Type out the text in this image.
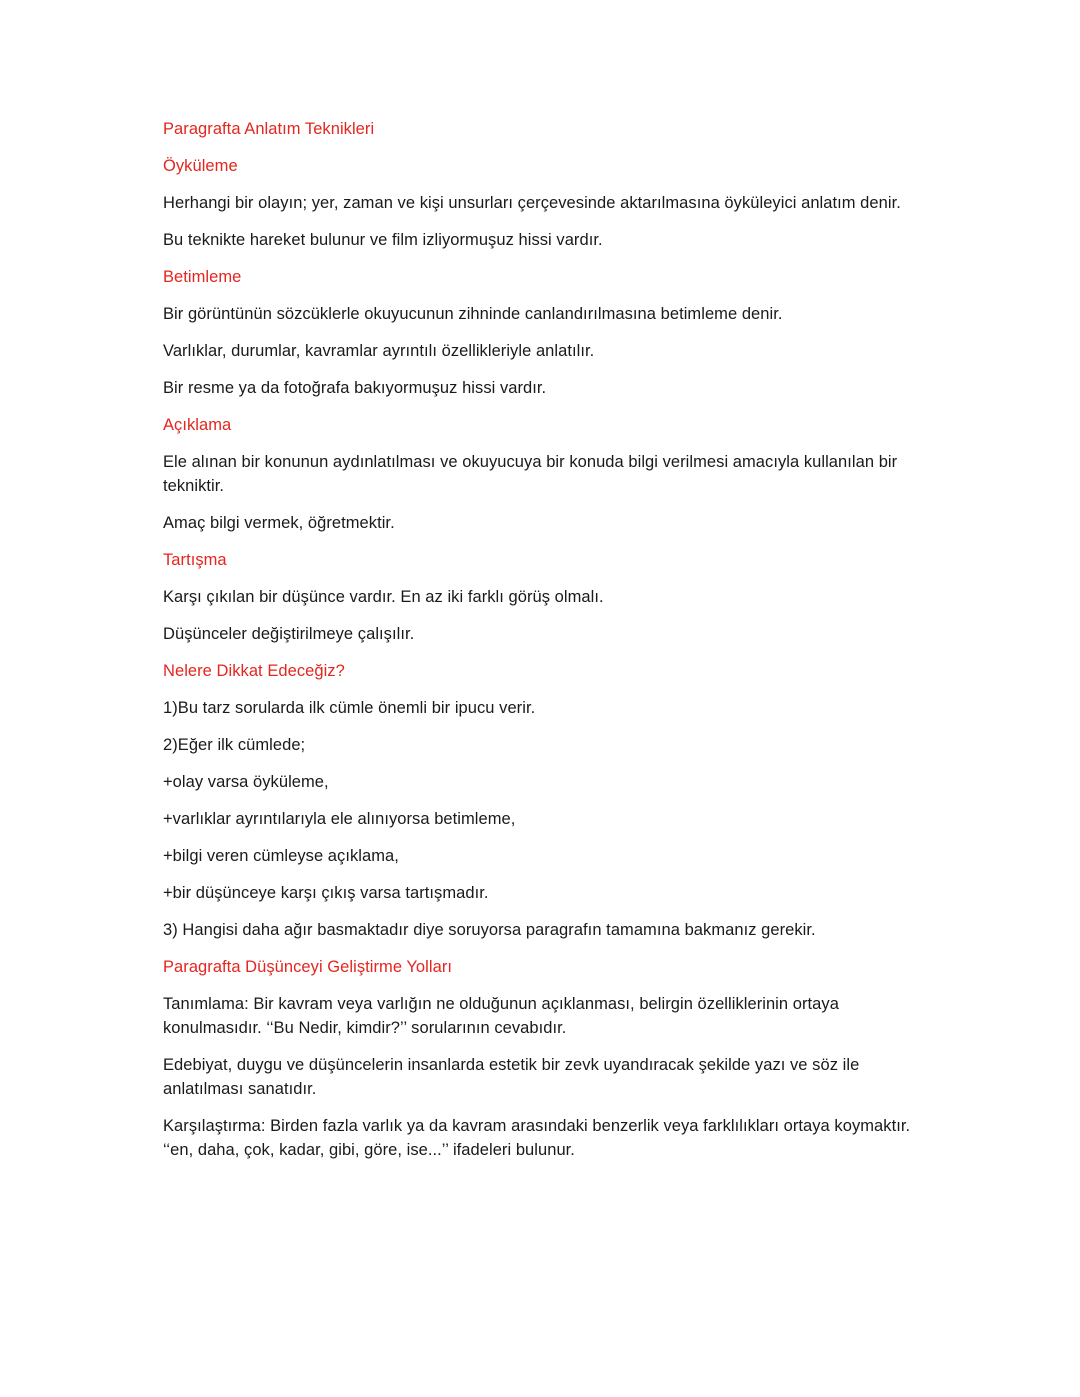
Paragrafta Anlatım Teknikleri

Öyküleme

Herhangi bir olayın; yer, zaman ve kişi unsurları çerçevesinde aktarılmasına öyküleyici anlatım denir.

Bu teknikte hareket bulunur ve film izliyormuşuz hissi vardır.

Betimleme

Bir görüntünün sözcüklerle okuyucunun zihninde canlandırılmasına betimleme denir.

Varlıklar, durumlar, kavramlar ayrıntılı özellikleriyle anlatılır.

Bir resme ya da fotoğrafa bakıyormuşuz hissi vardır.

Açıklama

Ele alınan bir konunun aydınlatılması ve okuyucuya bir konuda bilgi verilmesi amacıyla kullanılan bir tekniktir.

Amaç bilgi vermek, öğretmektir.

Tartışma

Karşı çıkılan bir düşünce vardır. En az iki farklı görüş olmalı.

Düşünceler değiştirilmeye çalışılır.

Nelere Dikkat Edeceğiz?

1)Bu tarz sorularda ilk cümle önemli bir ipucu verir.

2)Eğer ilk cümlede;

+olay varsa öyküleme,

+varlıklar ayrıntılarıyla ele alınıyorsa betimleme,

+bilgi veren cümleyse açıklama,

+bir düşünceye karşı çıkış varsa tartışmadır.

3) Hangisi daha ağır basmaktadır diye soruyorsa paragrafın tamamına bakmanız gerekir.

Paragrafta Düşünceyi Geliştirme Yolları

Tanımlama: Bir kavram veya varlığın ne olduğunun açıklanması, belirgin özelliklerinin ortaya konulmasıdır. ‘‘Bu Nedir, kimdir?’’ sorularının cevabıdır.

Edebiyat, duygu ve düşüncelerin insanlarda estetik bir zevk uyandıracak şekilde yazı ve söz ile anlatılması sanatıdır.

Karşılaştırma: Birden fazla varlık ya da kavram arasındaki benzerlik veya farklılıkları ortaya koymaktır. ‘‘en, daha, çok, kadar, gibi, göre, ise...’’ ifadeleri bulunur.
